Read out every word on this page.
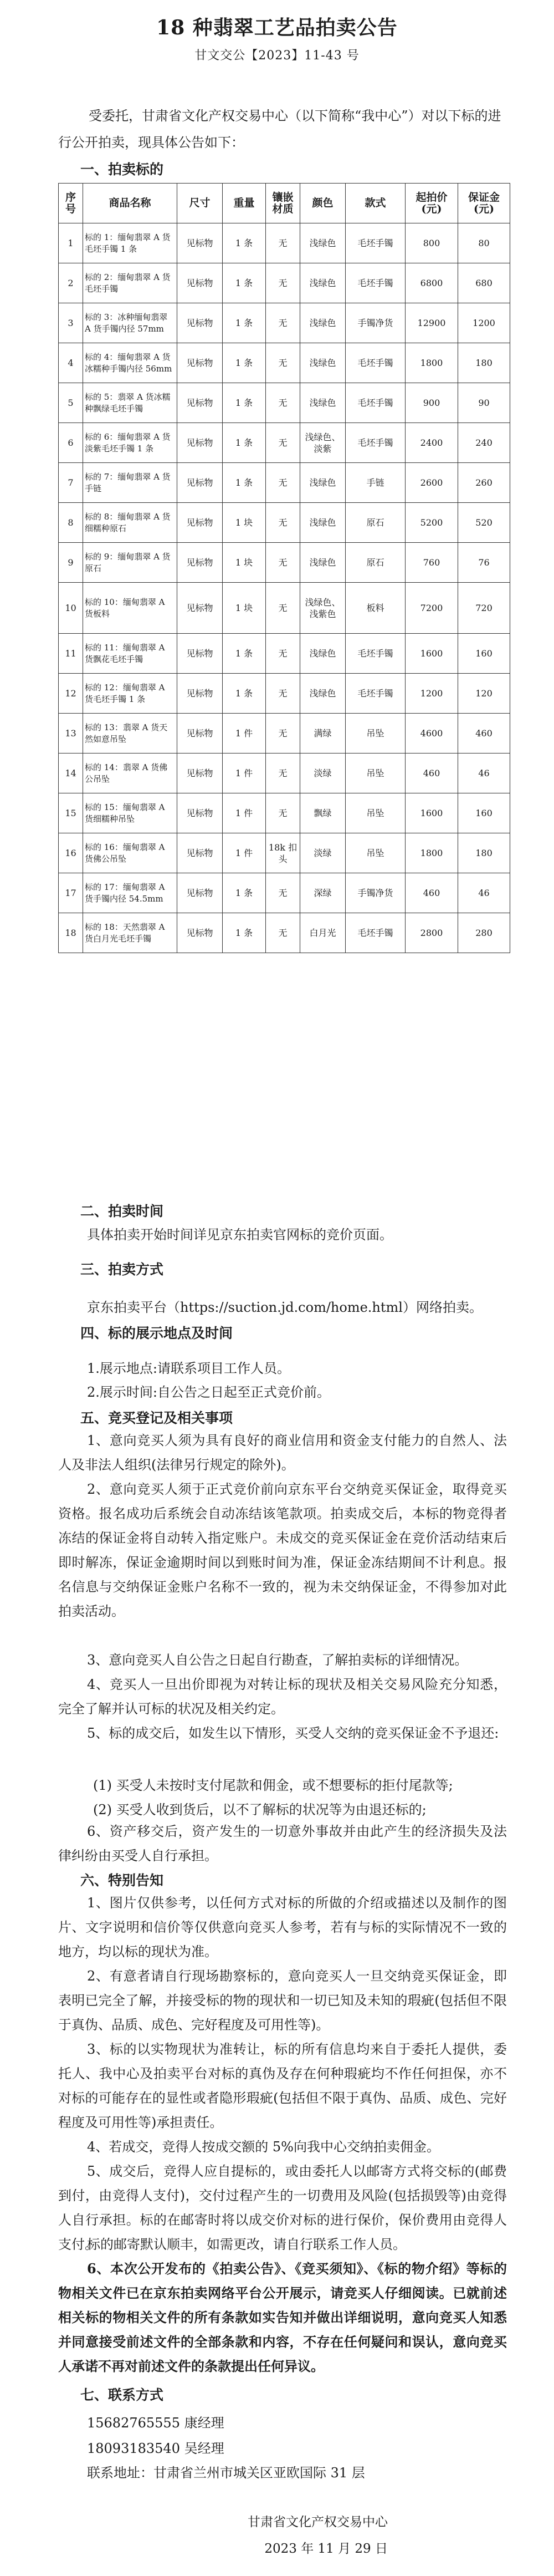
18 种翡翠工艺品拍卖公告
甘文交公【2023】11-43 号
受委托，甘肃省文化产权交易中心（以下简称“我中心”）对以下标的进行公开拍卖，现具体公告如下：
一、拍卖标的
序号	商品名称	尺寸	重量	镶嵌材质	颜色	款式	起拍价(元)	保证金(元)
1	标的 1：缅甸翡翠 A 货毛坯手镯 1 条	见标物	1 条	无	浅绿色	毛坯手镯	800	80
2	标的 2：缅甸翡翠 A 货毛坯手镯	见标物	1 条	无	浅绿色	毛坯手镯	6800	680
3	标的 3：冰种缅甸翡翠 A 货手镯内径 57mm	见标物	1 条	无	浅绿色	手镯净货	12900	1200
4	标的 4：缅甸翡翠 A 货冰糯种手镯内径 56mm	见标物	1 条	无	浅绿色	毛坯手镯	1800	180
5	标的 5：翡翠 A 货冰糯种飘绿毛坯手镯	见标物	1 条	无	浅绿色	毛坯手镯	900	90
6	标的 6：缅甸翡翠 A 货淡紫毛坯手镯 1 条	见标物	1 条	无	浅绿色、淡紫	毛坯手镯	2400	240
7	标的 7：缅甸翡翠 A 货手链	见标物	1 条	无	浅绿色	手链	2600	260
8	标的 8：缅甸翡翠 A 货细糯种原石	见标物	1 块	无	浅绿色	原石	5200	520
9	标的 9：缅甸翡翠 A 货原石	见标物	1 块	无	浅绿色	原石	760	76
10	标的 10：缅甸翡翠 A 货板料	见标物	1 块	无	浅绿色、浅紫色	板料	7200	720
11	标的 11：缅甸翡翠 A 货飘花毛坯手镯	见标物	1 条	无	浅绿色	毛坯手镯	1600	160
12	标的 12：缅甸翡翠 A 货毛坯手镯 1 条	见标物	1 条	无	浅绿色	毛坯手镯	1200	120
13	标的 13：翡翠 A 货天然如意吊坠	见标物	1 件	无	满绿	吊坠	4600	460
14	标的 14：翡翠 A 货佛公吊坠	见标物	1 件	无	淡绿	吊坠	460	46
15	标的 15：缅甸翡翠 A 货细糯种吊坠	见标物	1 件	无	飘绿	吊坠	1600	160
16	标的 16：缅甸翡翠 A 货佛公吊坠	见标物	1 件	18k 扣头	淡绿	吊坠	1800	180
17	标的 17：缅甸翡翠 A 货手镯内径 54.5mm	见标物	1 条	无	深绿	手镯净货	460	46
18	标的 18：天然翡翠 A 货白月光毛坯手镯	见标物	1 条	无	白月光	毛坯手镯	2800	280
二、拍卖时间
具体拍卖开始时间详见京东拍卖官网标的竞价页面。
三、拍卖方式
京东拍卖平台（https://suction.jd.com/home.html）网络拍卖。
四、标的展示地点及时间
1.展示地点:请联系项目工作人员。
2.展示时间:自公告之日起至正式竞价前。
五、竞买登记及相关事项
1、意向竞买人须为具有良好的商业信用和资金支付能力的自然人、法人及非法人组织(法律另行规定的除外)。
2、意向竞买人须于正式竞价前向京东平台交纳竞买保证金，取得竞买资格。报名成功后系统会自动冻结该笔款项。拍卖成交后，本标的物竞得者冻结的保证金将自动转入指定账户。未成交的竞买保证金在竞价活动结束后即时解冻，保证金逾期时间以到账时间为准，保证金冻结期间不计利息。报名信息与交纳保证金账户名称不一致的，视为未交纳保证金，不得参加对此拍卖活动。
3、意向竞买人自公告之日起自行勘查，了解拍卖标的详细情况。
4、竞买人一旦出价即视为对转让标的现状及相关交易风险充分知悉，完全了解并认可标的状况及相关约定。
5、标的成交后，如发生以下情形，买受人交纳的竞买保证金不予退还:
(1) 买受人未按时支付尾款和佣金，或不想要标的拒付尾款等;
(2) 买受人收到货后，以不了解标的状况等为由退还标的;
6、资产移交后，资产发生的一切意外事故并由此产生的经济损失及法律纠纷由买受人自行承担。
六、特别告知
1、图片仅供参考，以任何方式对标的所做的介绍或描述以及制作的图片、文字说明和信价等仅供意向竞买人参考，若有与标的实际情况不一致的地方，均以标的现状为准。
2、有意者请自行现场勘察标的，意向竞买人一旦交纳竞买保证金，即表明已完全了解，并接受标的物的现状和一切已知及未知的瑕疵(包括但不限于真伪、品质、成色、完好程度及可用性等)。
3、标的以实物现状为准转让，标的所有信息均来自于委托人提供，委托人、我中心及拍卖平台对标的真伪及存在何种瑕疵均不作任何担保，亦不对标的可能存在的显性或者隐形瑕疵(包括但不限于真伪、品质、成色、完好程度及可用性等)承担责任。
4、若成交，竞得人按成交额的 5%向我中心交纳拍卖佣金。
5、成交后，竞得人应自提标的，或由委托人以邮寄方式将交标的(邮费到付，由竞得人支付)，交付过程产生的一切费用及风险(包括损毁等)由竞得人自行承担。标的在邮寄时将以成交价对标的进行保价，保价费用由竞得人支付。
标的邮寄默认顺丰，如需更改，请自行联系工作人员。
6、本次公开发布的《拍卖公告》、《竞买须知》、《标的物介绍》等标的物相关文件已在京东拍卖网络平台公开展示，请竞买人仔细阅读。已就前述相关标的物相关文件的所有条款如实告知并做出详细说明，意向竞买人知悉并同意接受前述文件的全部条款和内容，不存在任何疑问和误认，意向竞买人承诺不再对前述文件的条款提出任何异议。
七、联系方式
15682765555 康经理
18093183540 吴经理
联系地址：甘肃省兰州市城关区亚欧国际 31 层
甘肃省文化产权交易中心
2023 年 11 月 29 日
